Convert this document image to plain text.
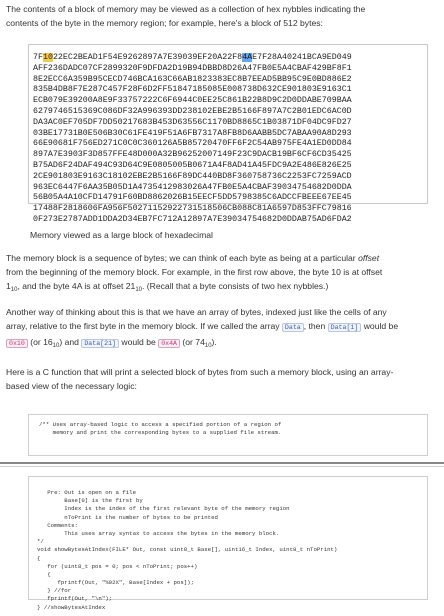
The contents of a block of memory may be viewed as a collection of hex nybbles indicating the
contents of the byte in the memory region; for example, here's a block of 512 bytes:
7F1022EC2BEAD1F54E9262897A7E39039EF20A22F84AE7F28A40241BCA9ED049
AFF236DADC07CF2899320F9DFDA2D19B94DBBD8D26A47FB0E5A4CBAF429BF8F1
8E2ECC6A359B95CECD746BCA163C66AB1823383EC8B7EEAD5BB95C9E0BD886E2
835B4DB8F7E287C457F28F6D2FF51847185085E008738D632CE901803E9163C1
ECB079E39200A8E9F33757222C6F6944C0EE25C861B22B8D9C2D0DDABE709BAA
6279746515369C086DF32A996393DD238102EBE2B5166F897A7C2B01EDC6AC0D
DA3AC0EF705DF7DD50217683B453D63556C1170BD8865C1B03871DF04DC9FD27
03BE17731B0E506B30C61FE419F51A6FB7317A8FB8D6AABB5DC7ABAA90A8D293
66E90681F756ED271C0C0C360126A5B85720470FF6F2C54AB975FE4A1ED0DD84
897A7E3903F3D857FFE48D000A32B96252007149F23C9DACB19BF6CF6CD35425
B75AD6F24DAF494C93D64C9E0805005B0671A4F8AD41A45FDC9A2E486E826E25
2CE901803E9163C18102EBE2B5166F89DC440BD8F360758736C2253FC7259ACD
963EC6447F6AA35B05D1A4735412983026A47FB0E5A4CBAF39034754682D0DDA
56B05A4A10CFD14791F60BD8862026B15EECF5DD5798385C6ADCCFBEEE67EE45
17488F2818606FA956F50271152922731518506CB088C81A6597D853FFC79816
0F273E2787ADD1DDA2D34EB7FC712A12897A7E39034754682D0DDAB75AD6FDA2
Memory viewed as a large block of hexadecimal
The memory block is a sequence of bytes; we can think of each byte as being at a particular offset
from the beginning of the memory block. For example, in the first row above, the byte 10 is at offset
$1_{10}$, and the byte 4A is at offset $21_{10}$. (Recall that a byte consists of two hex nybbles.)
Another way of thinking about this is that we have an array of bytes, indexed just like the cells of any
array, relative to the first byte in the memory block. If we called the array Data , then Data[1] would be
0x10 (or $16_{10}$) and Data[21] would be 0x4A (or $74_{10}$).
Here is a C function that will print a selected block of bytes from such a memory block, using an array-
based view of the necessary logic:
/** Uses array-based logic to access a specified portion of a region of
memory and print the corresponding bytes to a supplied file stream.
Pre: Out is open on a file
Base[0] is the first by
Index is the index of the first relevant byte of the memory region
nToPrint is the number of bytes to be printed
Comments:
This uses array syntax to access the bytes in the memory block.
*/
void showBytesAtIndex(FILE* Out, const uint8_t Base[], uint16_t Index, uint8_t nToPrint)
{
for (uint8_t pos = 0; pos < nToPrint; pos++)
{
fprintf(Out, "%02X", Base[Index + pos]);
} //for
fprintf(Out, "\n");
} //showBytesAtIndex
